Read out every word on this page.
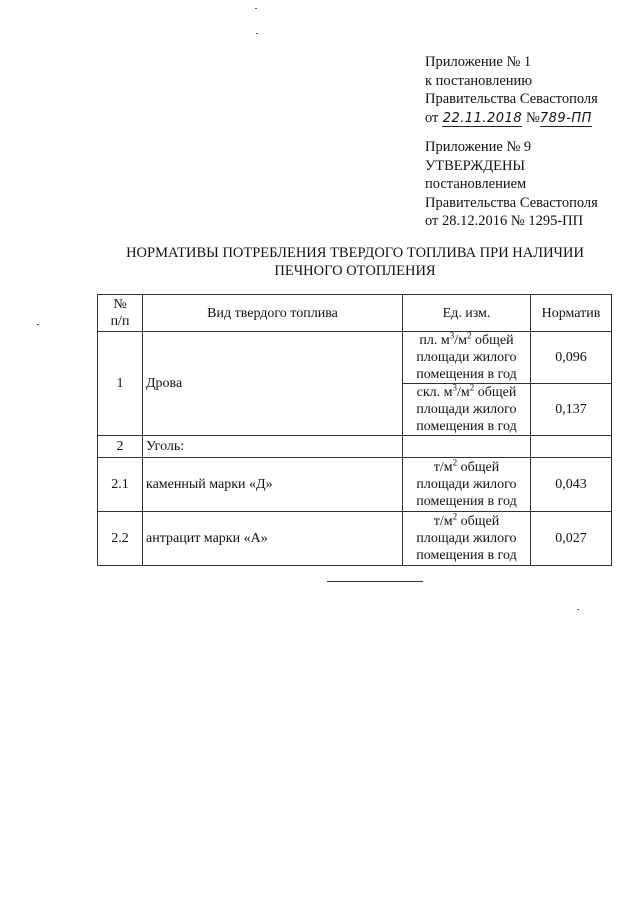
Приложение № 1
к постановлению
Правительства Севастополя
от 22.11.2018 №789-ПП
Приложение № 9
УТВЕРЖДЕНЫ
постановлением
Правительства Севастополя
от 28.12.2016 № 1295-ПП
НОРМАТИВЫ ПОТРЕБЛЕНИЯ ТВЕРДОГО ТОПЛИВА ПРИ НАЛИЧИИ
ПЕЧНОГО ОТОПЛЕНИЯ
№
п/п	Вид твердого топлива	Ед. изм.	Норматив
1	Дрова	пл. $м^3/м^2$ общей
площади жилого
помещения в год	0,096

		скл. $м^3/м^2$ общей
площади жилого
помещения в год	0,137
2	Уголь:		
2.1	каменный марки «Д»	$т/м^2$ общей
площади жилого
помещения в год	0,043
2.2	антрацит марки «А»	$т/м^2$ общей
площади жилого
помещения в год	0,027
